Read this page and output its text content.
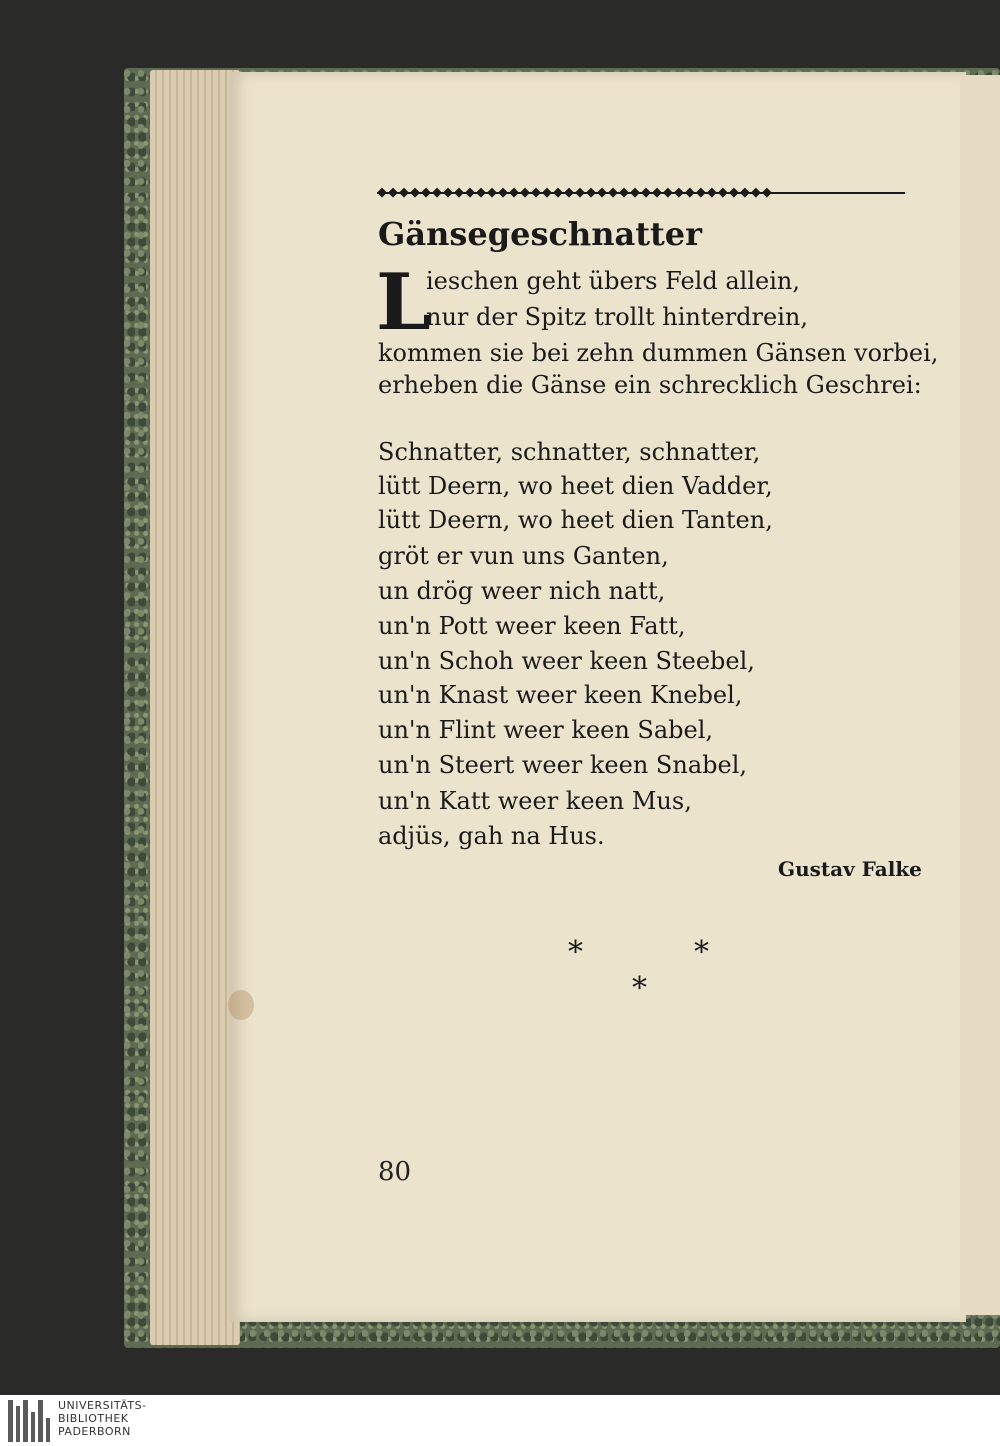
◆◆◆◆◆◆◆◆◆◆◆◆◆◆◆◆◆◆◆◆◆◆◆◆◆◆◆◆◆◆◆◆◆◆◆◆
Gänsegeschnatter
L
ieschen geht übers Feld allein,
nur der Spitz trollt hinterdrein,
kommen sie bei zehn dummen Gänsen vorbei,
erheben die Gänse ein schrecklich Geschrei:
Schnatter, schnatter, schnatter,
lütt Deern, wo heet dien Vadder,
lütt Deern, wo heet dien Tanten,
gröt er vun uns Ganten,
un drög weer nich natt,
un'n Pott weer keen Fatt,
un'n Schoh weer keen Steebel,
un'n Knast weer keen Knebel,
un'n Flint weer keen Sabel,
un'n Steert weer keen Snabel,
un'n Katt weer keen Mus,
adjüs, gah na Hus.
Gustav Falke
*	*
*
80
UNIVERSITÄTS-
BIBLIOTHEK
PADERBORN
